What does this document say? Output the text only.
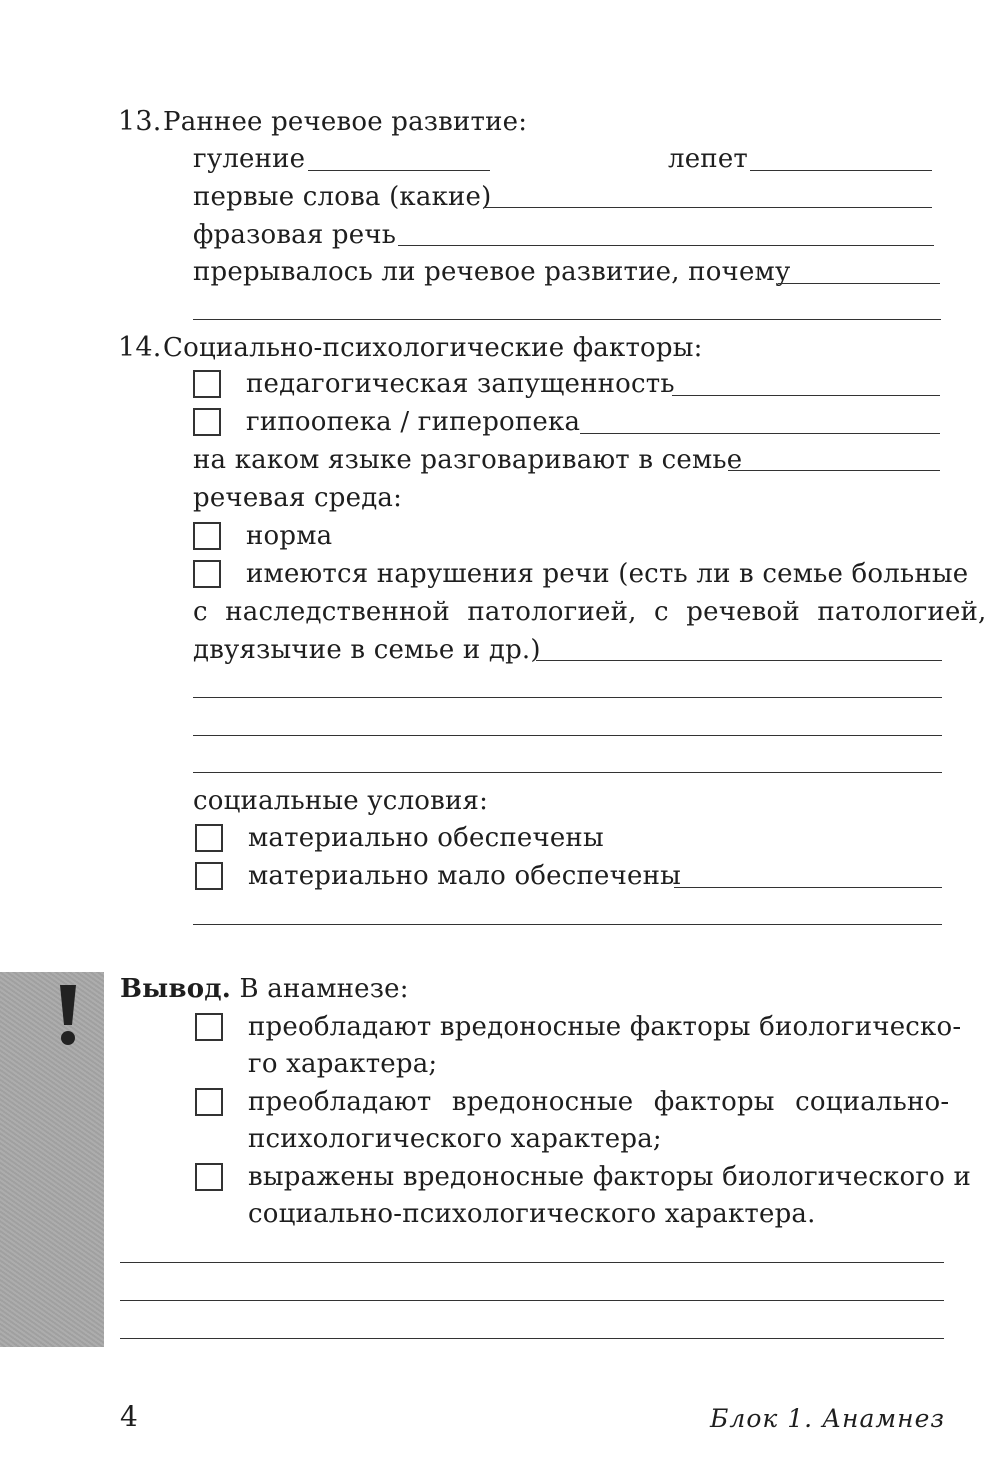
13. Раннее речевое развитие:
гуление	лепет
первые слова (какие)
фразовая речь
прерывалось ли речевое развитие, почему
14. Социально-психологические факторы:
педагогическая запущенность
гипоопека / гиперопека
на каком языке разговаривают в семье
речевая среда:
норма
имеются нарушения речи (есть ли в семье больные
с наследственной патологией, с речевой патологией,
двуязычие в семье и др.)
социальные условия:
материально обеспечены
материально мало обеспечены
Вывод. В анамнезе:
преобладают вредоносные факторы биологическо-
го характера;
преобладают вредоносные факторы социально-
психологического характера;
выражены вредоносные факторы биологического и
социально-психологического характера.
4	Блок 1. Анамнез
